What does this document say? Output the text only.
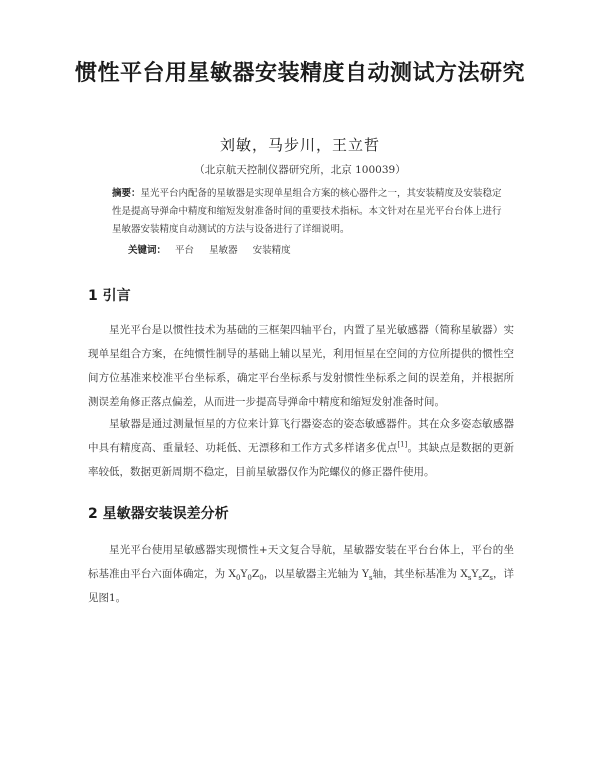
惯性平台用星敏器安装精度自动测试方法研究
刘敏，马步川，王立哲
（北京航天控制仪器研究所，北京 100039）
摘要：星光平台内配备的星敏器是实现单星组合方案的核心器件之一，其安装精度及安装稳定性是提高导弹命中精度和缩短发射准备时间的重要技术指标。本文针对在星光平台台体上进行星敏器安装精度自动测试的方法与设备进行了详细说明。
关键词： 平台 星敏器 安装精度
1 引言
星光平台是以惯性技术为基础的三框架四轴平台，内置了星光敏感器（简称星敏器）实现单星组合方案，在纯惯性制导的基础上辅以星光，利用恒星在空间的方位所提供的惯性空间方位基准来校准平台坐标系，确定平台坐标系与发射惯性坐标系之间的误差角，并根据所测误差角修正落点偏差，从而进一步提高导弹命中精度和缩短发射准备时间。
星敏器是通过测量恒星的方位来计算飞行器姿态的姿态敏感器件。其在众多姿态敏感器中具有精度高、重量轻、功耗低、无漂移和工作方式多样诸多优点[1]。其缺点是数据的更新率较低，数据更新周期不稳定，目前星敏器仅作为陀螺仪的修正器件使用。
2 星敏器安装误差分析
星光平台使用星敏感器实现惯性+天文复合导航，星敏器安装在平台台体上，平台的坐标基准由平台六面体确定，为 $X_0Y_0Z_0$，以星敏器主光轴为 $Y_s$轴，其坐标基准为 $X_sY_sZ_s$，详见图1。
